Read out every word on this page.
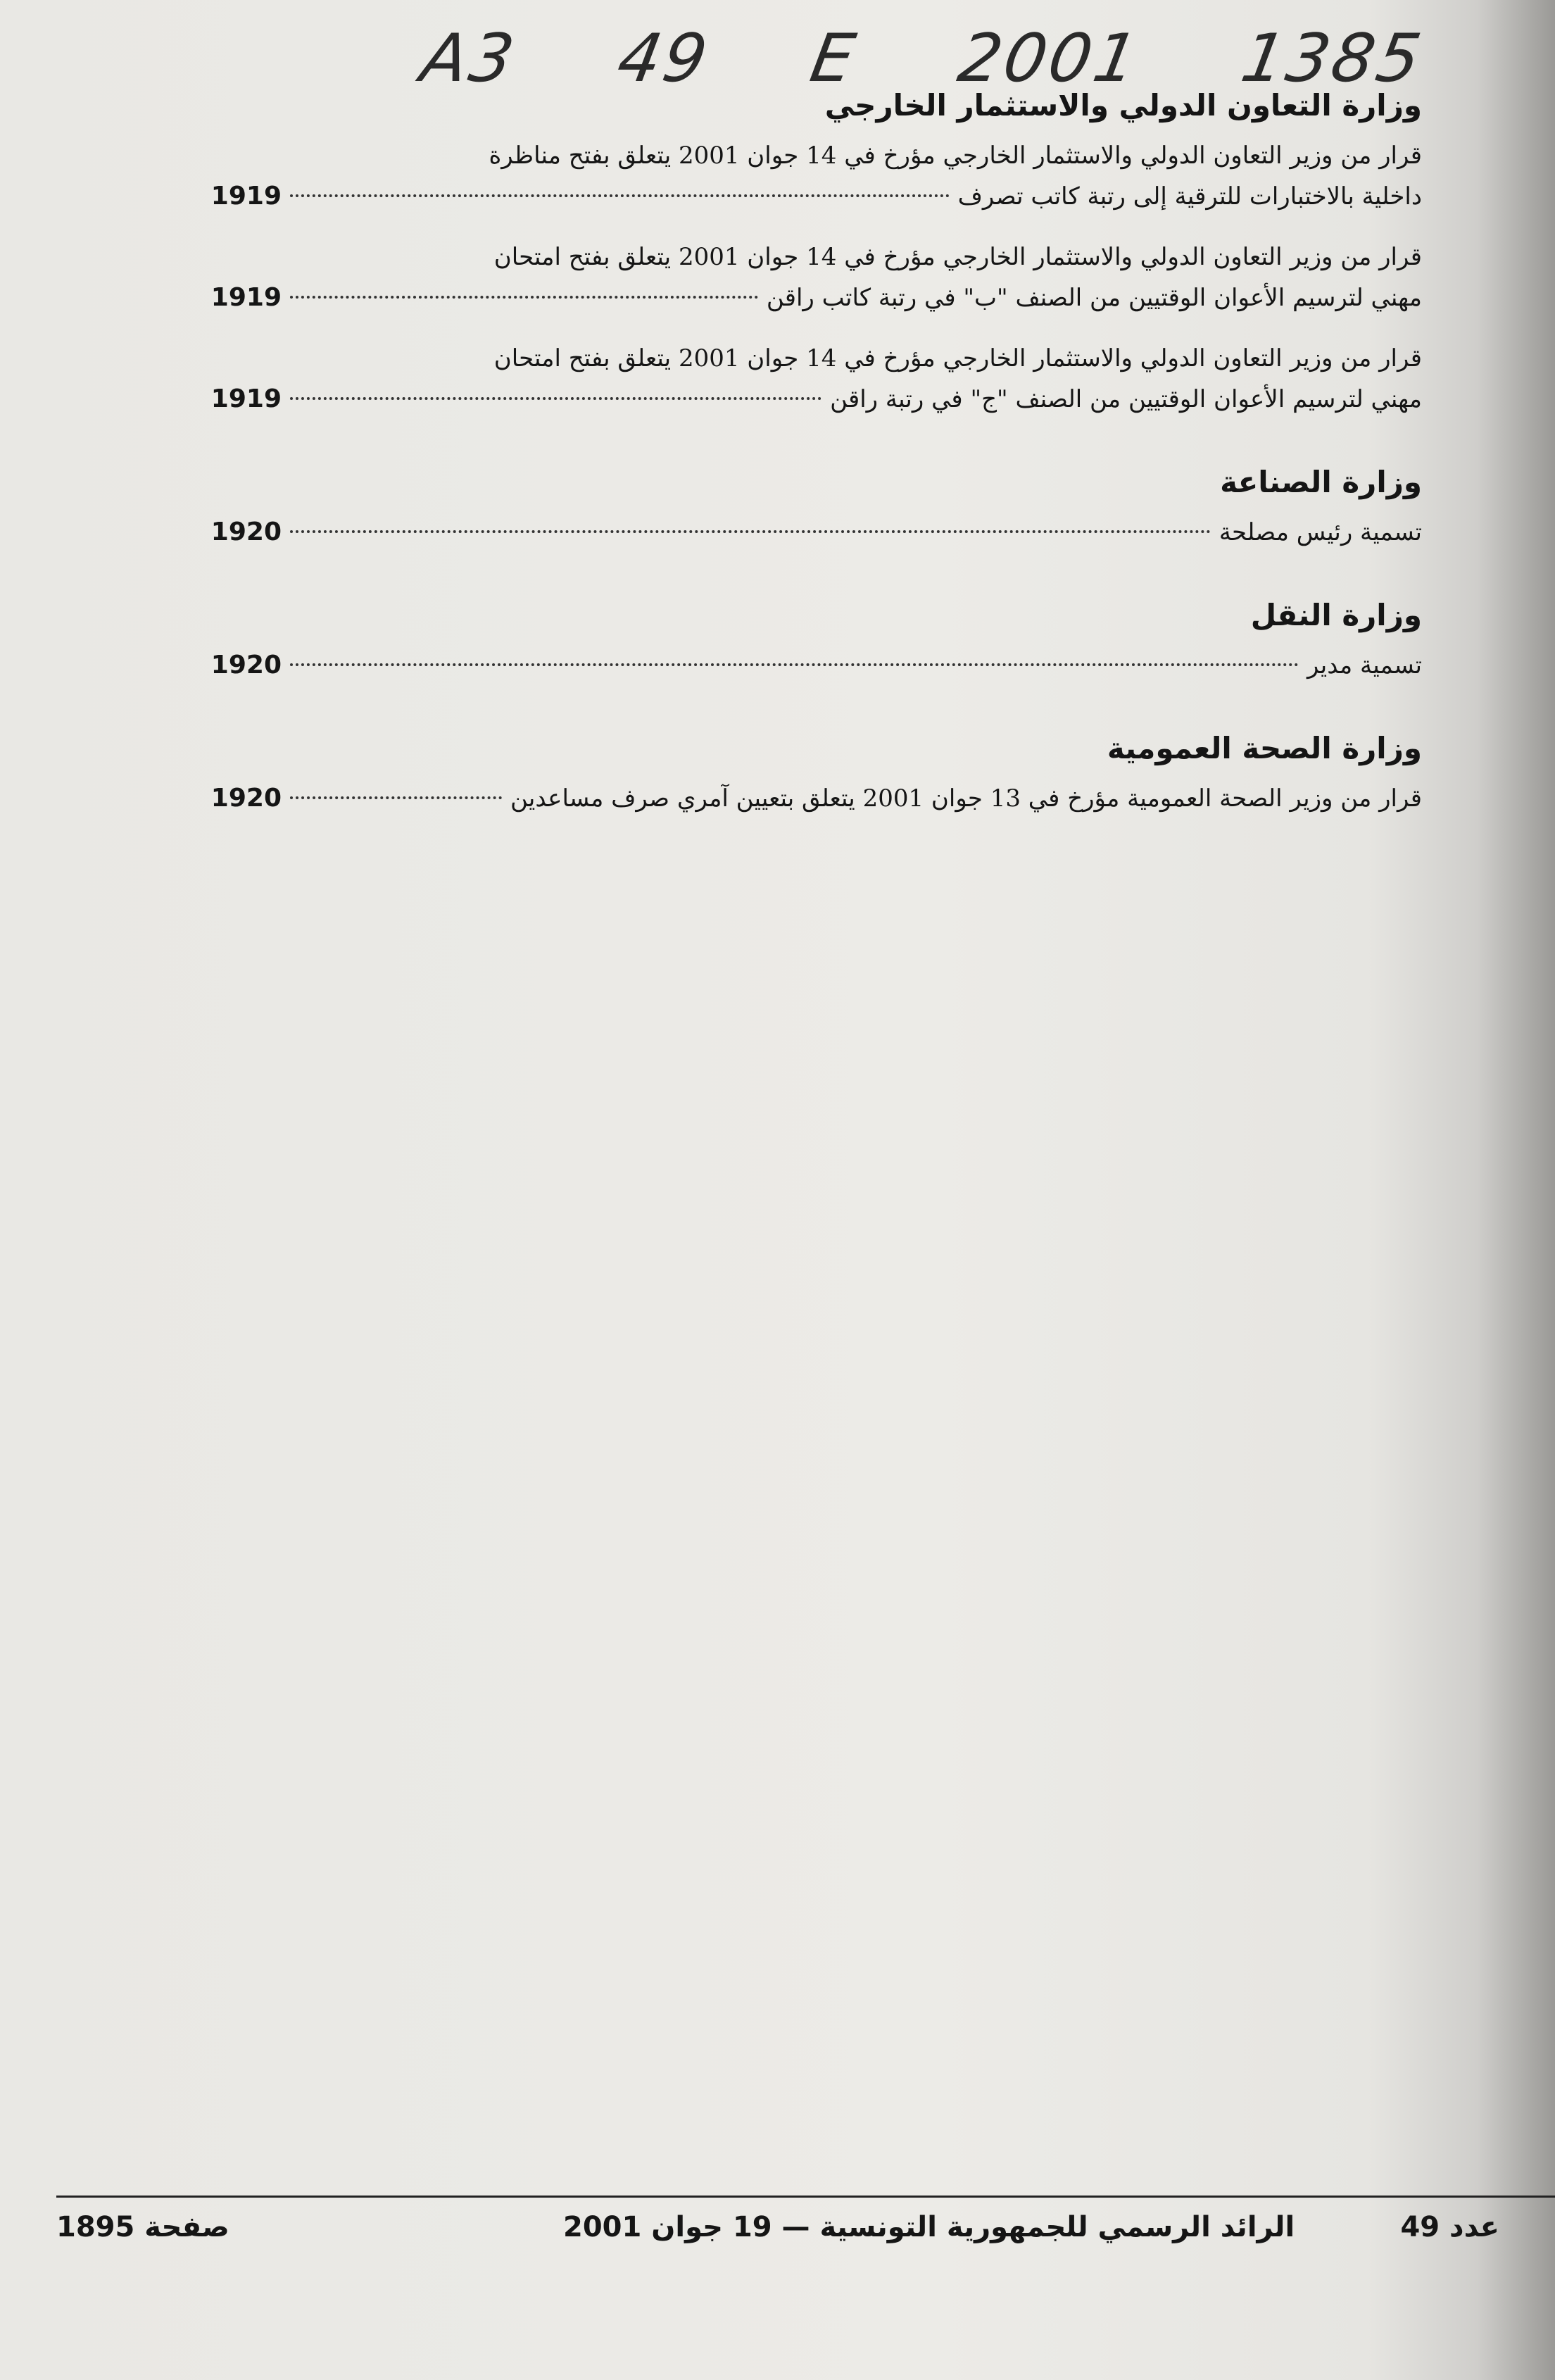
A3 49 E 2001 1385
وزارة التعاون الدولي والاستثمار الخارجي
قرار من وزير التعاون الدولي والاستثمار الخارجي مؤرخ في 14 جوان 2001 يتعلق بفتح مناظرة
داخلية بالاختبارات للترقية إلى رتبة كاتب تصرف
1919
قرار من وزير التعاون الدولي والاستثمار الخارجي مؤرخ في 14 جوان 2001 يتعلق بفتح امتحان
مهني لترسيم الأعوان الوقتيين من الصنف "ب" في رتبة كاتب راقن
1919
قرار من وزير التعاون الدولي والاستثمار الخارجي مؤرخ في 14 جوان 2001 يتعلق بفتح امتحان
مهني لترسيم الأعوان الوقتيين من الصنف "ج" في رتبة راقن
1919
وزارة الصناعة
تسمية رئيس مصلحة
1920
وزارة النقل
تسمية مدير
1920
وزارة الصحة العمومية
قرار من وزير الصحة العمومية مؤرخ في 13 جوان 2001 يتعلق بتعيين آمري صرف مساعدين
1920
عدد 49
الرائد الرسمي للجمهورية التونسية — 19 جوان 2001
صفحة 1895
